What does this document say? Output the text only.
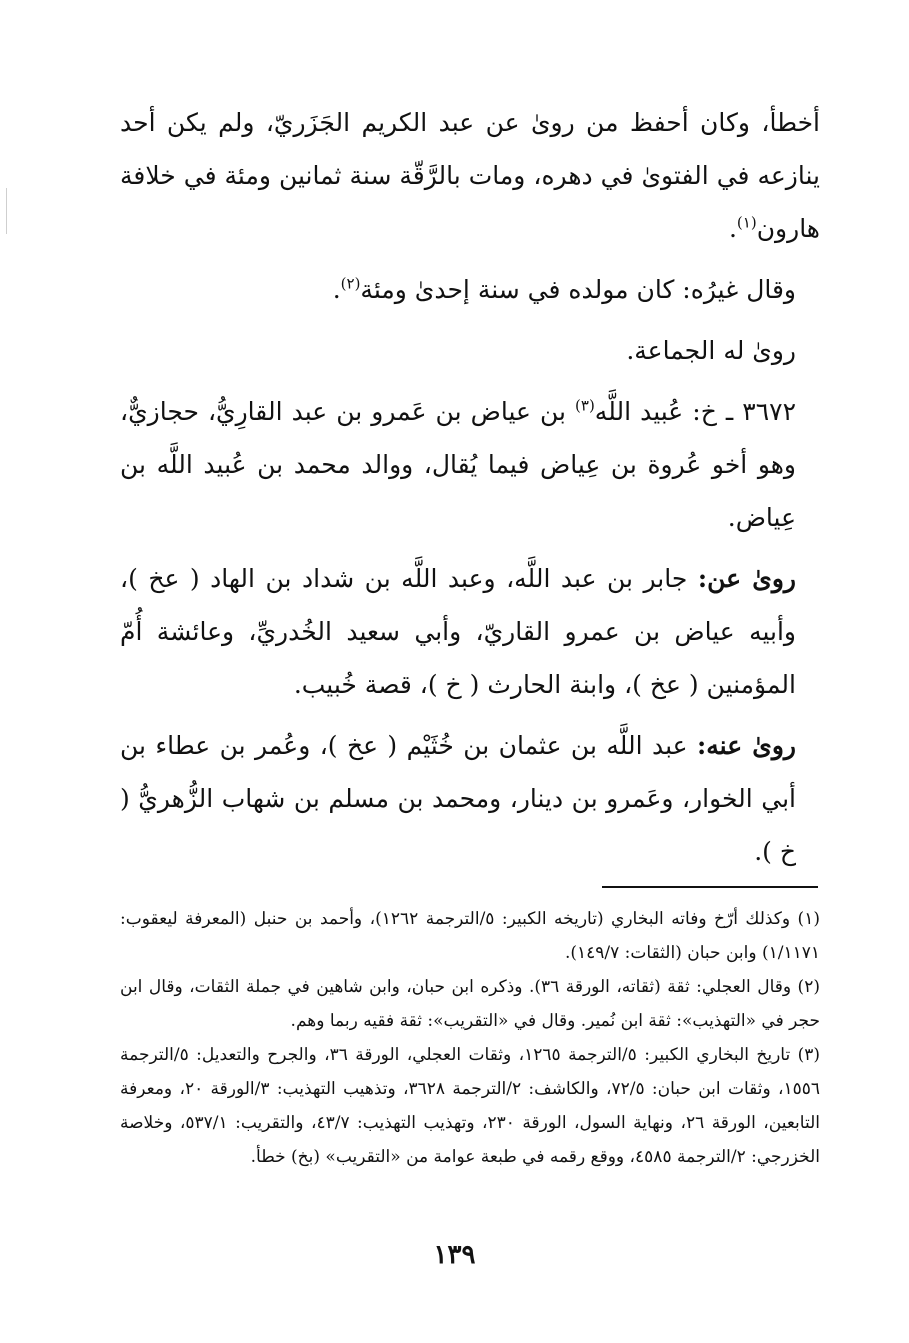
أخطأ، وكان أحفظ من روىٰ عن عبد الكريم الجَزَريّ، ولم يكن أحد ينازعه في الفتوىٰ في دهره، ومات بالرَّقّة سنة ثمانين ومئة في خلافة هارون$^{(١)}$.

وقال غيرُه: كان مولده في سنة إحدىٰ ومئة$^{(٢)}$.

روىٰ له الجماعة.

٣٦٧٢ ـ خ: عُبيد اللَّه$^{(٣)}$ بن عياض بن عَمرو بن عبد القارِيُّ، حجازيٌّ، وهو أخو عُروة بن عِياض فيما يُقال، ووالد محمد بن عُبيد اللَّه بن عِياض.

روىٰ عن: جابر بن عبد اللَّه، وعبد اللَّه بن شداد بن الهاد ( عخ )، وأبيه عياض بن عمرو القاريّ، وأبي سعيد الخُدريِّ، وعائشة أُمّ المؤمنين ( عخ )، وابنة الحارث ( خ )، قصة خُبيب.

روىٰ عنه: عبد اللَّه بن عثمان بن خُثَيْم ( عخ )، وعُمر بن عطاء بن أبي الخوار، وعَمرو بن دينار، ومحمد بن مسلم بن شهاب الزُّهريُّ ( خ ).

(١) وكذلك أرّخ وفاته البخاري (تاريخه الكبير: ٥/الترجمة ١٢٦٢)، وأحمد بن حنبل (المعرفة ليعقوب: ١/١١٧١) وابن حبان (الثقات: ١٤٩/٧).

(٢) وقال العجلي: ثقة (ثقاته، الورقة ٣٦). وذكره ابن حبان، وابن شاهين في جملة الثقات، وقال ابن حجر في «التهذيب»: ثقة ابن نُمير. وقال في «التقريب»: ثقة فقيه ربما وهم.

(٣) تاريخ البخاري الكبير: ٥/الترجمة ١٢٦٥، وثقات العجلي، الورقة ٣٦، والجرح والتعديل: ٥/الترجمة ١٥٥٦، وثقات ابن حبان: ٧٢/٥، والكاشف: ٢/الترجمة ٣٦٢٨، وتذهيب التهذيب: ٣/الورقة ٢٠، ومعرفة التابعين، الورقة ٢٦، ونهاية السول، الورقة ٢٣٠، وتهذيب التهذيب: ٤٣/٧، والتقريب: ٥٣٧/١، وخلاصة الخزرجي: ٢/الترجمة ٤٥٨٥، ووقع رقمه في طبعة عوامة من «التقريب» (بخ) خطأ.

١٣٩
